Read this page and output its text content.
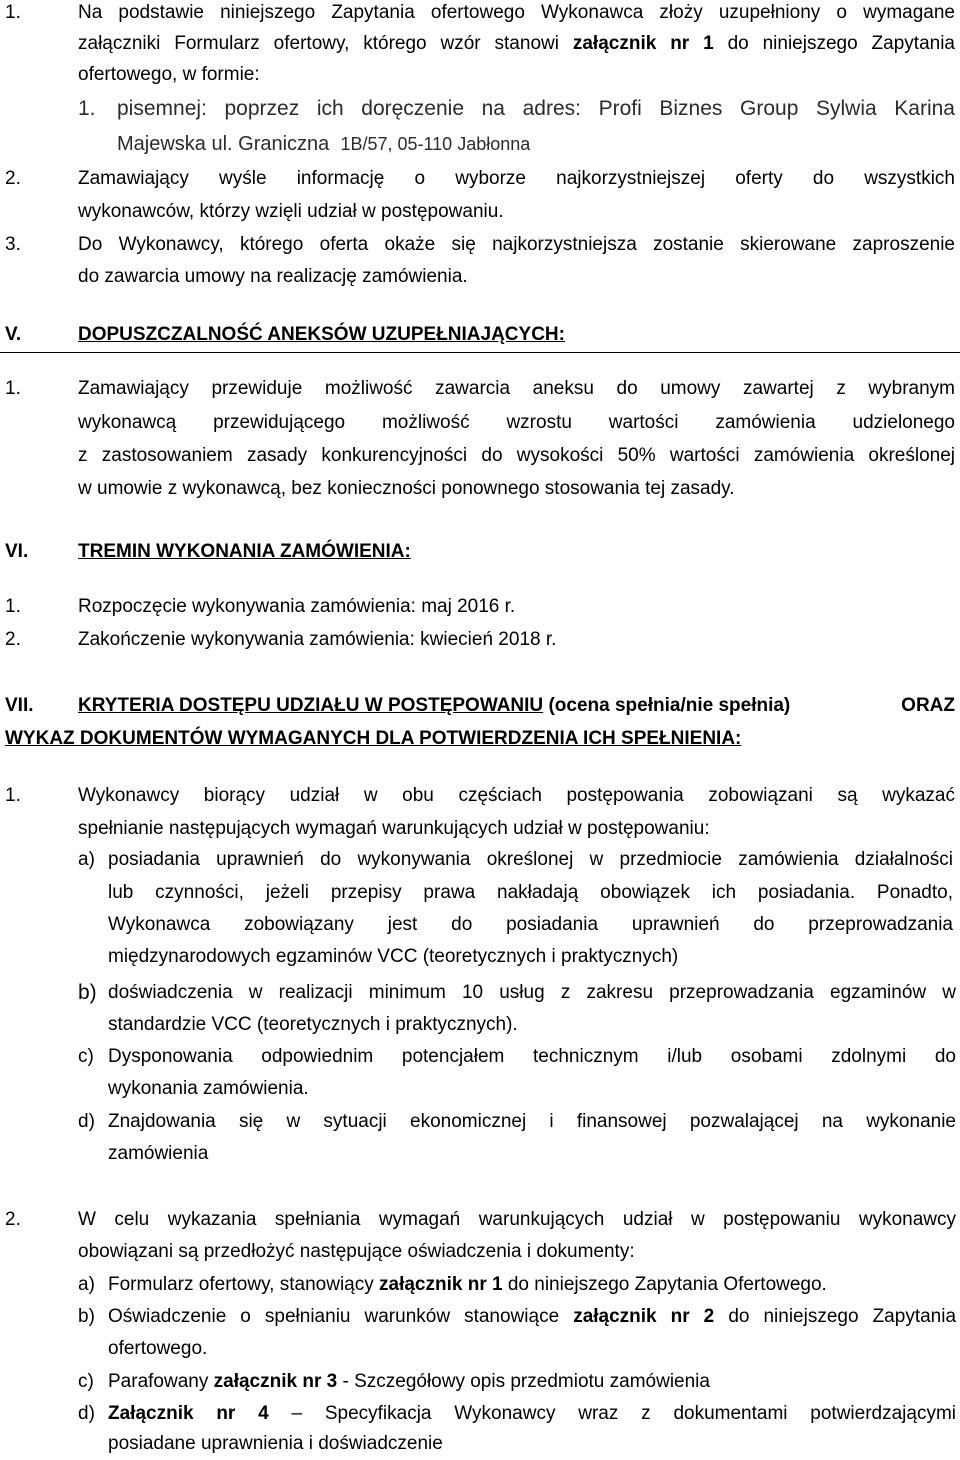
1.	Na podstawie niniejszego Zapytania ofertowego Wykonawca złoży uzupełniony o wymagane
załączniki Formularz ofertowy, którego wzór stanowi załącznik nr 1 do niniejszego Zapytania
ofertowego, w formie:
1. pisemnej: poprzez ich doręczenie na adres: Profi Biznes Group Sylwia Karina
Majewska ul. Graniczna 1B/57, 05-110 Jabłonna
2.	Zamawiający wyśle informację o wyborze najkorzystniejszej oferty do wszystkich
wykonawców, którzy wzięli udział w postępowaniu.
3.	Do Wykonawcy, którego oferta okaże się najkorzystniejsza zostanie skierowane zaproszenie
do zawarcia umowy na realizację zamówienia.
V.	DOPUSZCZALNOŚĆ ANEKSÓW UZUPEŁNIAJĄCYCH:
1.	Zamawiający przewiduje możliwość zawarcia aneksu do umowy zawartej z wybranym
wykonawcą przewidującego możliwość wzrostu wartości zamówienia udzielonego
z zastosowaniem zasady konkurencyjności do wysokości 50% wartości zamówienia określonej
w umowie z wykonawcą, bez konieczności ponownego stosowania tej zasady.
VI.	TREMIN WYKONANIA ZAMÓWIENIA:
1.	Rozpoczęcie wykonywania zamówienia: maj 2016 r.
2.	Zakończenie wykonywania zamówienia: kwiecień 2018 r.
VII. KRYTERIA DOSTĘPU UDZIAŁU W POSTĘPOWANIU (ocena spełnia/nie spełnia)	ORAZ
WYKAZ DOKUMENTÓW WYMAGANYCH DLA POTWIERDZENIA ICH SPEŁNIENIA:
1.	Wykonawcy biorący udział w obu częściach postępowania zobowiązani są wykazać
spełnianie następujących wymagań warunkujących udział w postępowaniu:
a) posiadania uprawnień do wykonywania określonej w przedmiocie zamówienia działalności
lub czynności, jeżeli przepisy prawa nakładają obowiązek ich posiadania. Ponadto,
Wykonawca zobowiązany jest do posiadania uprawnień do przeprowadzania
międzynarodowych egzaminów VCC (teoretycznych i praktycznych)
b) doświadczenia w realizacji minimum 10 usług z zakresu przeprowadzania egzaminów w
standardzie VCC (teoretycznych i praktycznych).
c) Dysponowania odpowiednim potencjałem technicznym i/lub osobami zdolnymi do
wykonania zamówienia.
d) Znajdowania się w sytuacji ekonomicznej i finansowej pozwalającej na wykonanie
zamówienia
2.	W celu wykazania spełniania wymagań warunkujących udział w postępowaniu wykonawcy
obowiązani są przedłożyć następujące oświadczenia i dokumenty:
a) Formularz ofertowy, stanowiący załącznik nr 1 do niniejszego Zapytania Ofertowego.
b) Oświadczenie o spełnianiu warunków stanowiące załącznik nr 2 do niniejszego Zapytania
ofertowego.
c) Parafowany załącznik nr 3 - Szczegółowy opis przedmiotu zamówienia
d) Załącznik nr 4 – Specyfikacja Wykonawcy wraz z dokumentami potwierdzającymi
posiadane uprawnienia i doświadczenie
